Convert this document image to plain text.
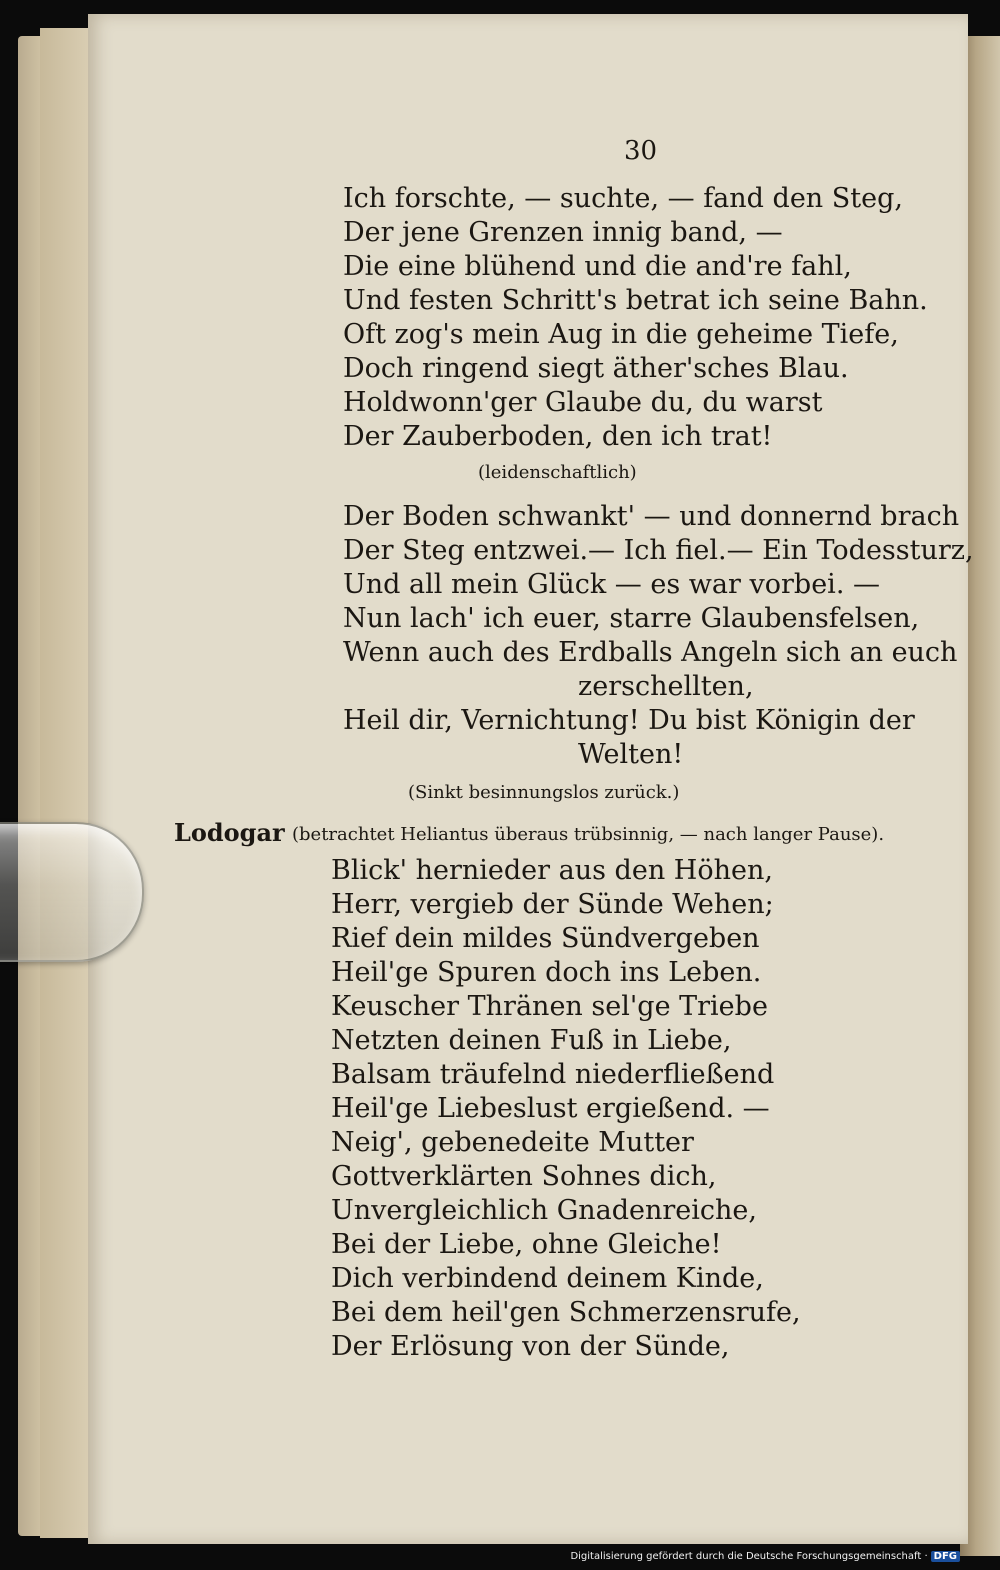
30
Ich forschte, — suchte, — fand den Steg,
Der jene Grenzen innig band, —
Die eine blühend und die and're fahl,
Und festen Schritt's betrat ich seine Bahn.
Oft zog's mein Aug in die geheime Tiefe,
Doch ringend siegt äther'sches Blau.
Holdwonn'ger Glaube du, du warst
Der Zauberboden, den ich trat!
(leidenschaftlich)
Der Boden schwankt' — und donnernd brach
Der Steg entzwei.— Ich fiel.— Ein Todessturz,
Und all mein Glück — es war vorbei. —
Nun lach' ich euer, starre Glaubensfelsen,
Wenn auch des Erdballs Angeln sich an euch
zerschellten,
Heil dir, Vernichtung! Du bist Königin der
Welten!
(Sinkt besinnungslos zurück.)
Lodogar (betrachtet Heliantus überaus trübsinnig, — nach langer Pause).
Blick' hernieder aus den Höhen,
Herr, vergieb der Sünde Wehen;
Rief dein mildes Sündvergeben
Heil'ge Spuren doch ins Leben.
Keuscher Thränen sel'ge Triebe
Netzten deinen Fuß in Liebe,
Balsam träufelnd niederfließend
Heil'ge Liebeslust ergießend. —
Neig', gebenedeite Mutter
Gottverklärten Sohnes dich,
Unvergleichlich Gnadenreiche,
Bei der Liebe, ohne Gleiche!
Dich verbindend deinem Kinde,
Bei dem heil'gen Schmerzensrufe,
Der Erlösung von der Sünde,
Digitalisierung gefördert durch die Deutsche Forschungsgemeinschaft · DFG
